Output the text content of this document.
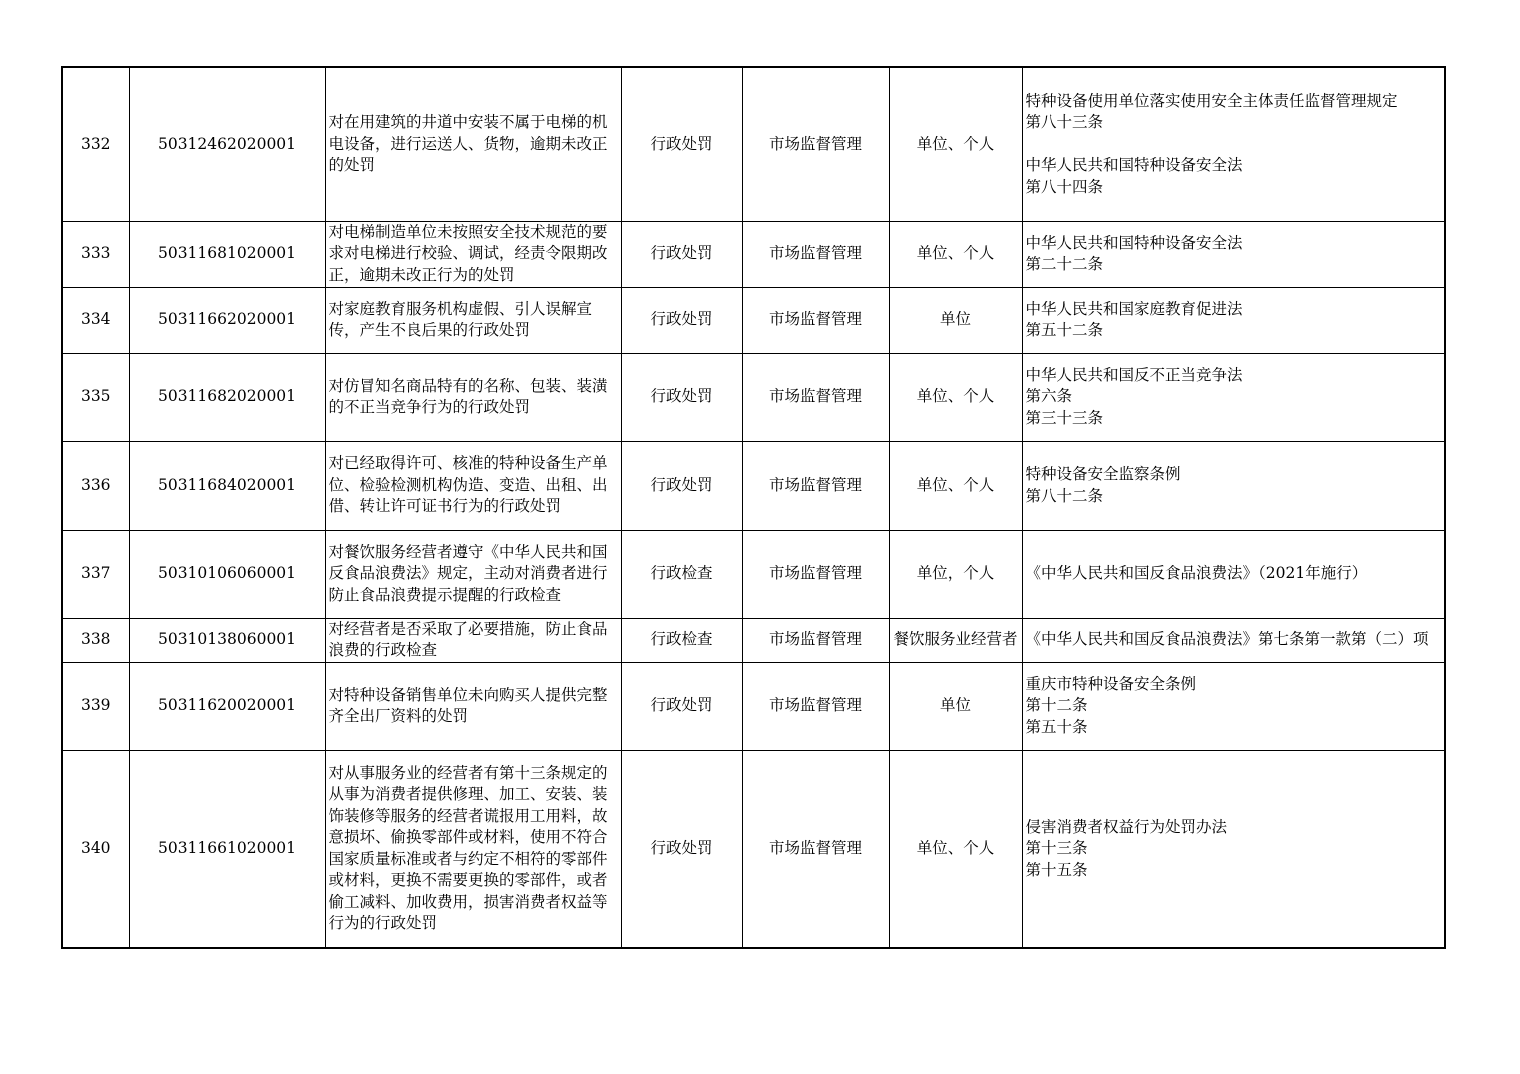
332	50312462020001	对在用建筑的井道中安装不属于电梯的机电设备，进行运送人、货物，逾期未改正的处罚	行政处罚	市场监督管理	单位、个人	特种设备使用单位落实使用安全主体责任监督管理规定
第八十三条

中华人民共和国特种设备安全法
第八十四条
333	50311681020001	对电梯制造单位未按照安全技术规范的要求对电梯进行校验、调试，经责令限期改正，逾期未改正行为的处罚	行政处罚	市场监督管理	单位、个人	中华人民共和国特种设备安全法
第二十二条
334	50311662020001	对家庭教育服务机构虚假、引人误解宣传，产生不良后果的行政处罚	行政处罚	市场监督管理	单位	中华人民共和国家庭教育促进法
第五十二条
335	50311682020001	对仿冒知名商品特有的名称、包装、装潢的不正当竞争行为的行政处罚	行政处罚	市场监督管理	单位、个人	中华人民共和国反不正当竞争法
第六条
第三十三条
336	50311684020001	对已经取得许可、核准的特种设备生产单位、检验检测机构伪造、变造、出租、出借、转让许可证书行为的行政处罚	行政处罚	市场监督管理	单位、个人	特种设备安全监察条例
第八十二条
337	50310106060001	对餐饮服务经营者遵守《中华人民共和国反食品浪费法》规定，主动对消费者进行防止食品浪费提示提醒的行政检查	行政检查	市场监督管理	单位，个人	《中华人民共和国反食品浪费法》（2021年施行）
338	50310138060001	对经营者是否采取了必要措施，防止食品浪费的行政检查	行政检查	市场监督管理	餐饮服务业经营者	《中华人民共和国反食品浪费法》第七条第一款第（二）项
339	50311620020001	对特种设备销售单位未向购买人提供完整齐全出厂资料的处罚	行政处罚	市场监督管理	单位	重庆市特种设备安全条例
第十二条
第五十条
340	50311661020001	对从事服务业的经营者有第十三条规定的从事为消费者提供修理、加工、安装、装饰装修等服务的经营者谎报用工用料，故意损坏、偷换零部件或材料，使用不符合国家质量标准或者与约定不相符的零部件或材料，更换不需要更换的零部件，或者偷工减料、加收费用，损害消费者权益等行为的行政处罚	行政处罚	市场监督管理	单位、个人	侵害消费者权益行为处罚办法
第十三条
第十五条
